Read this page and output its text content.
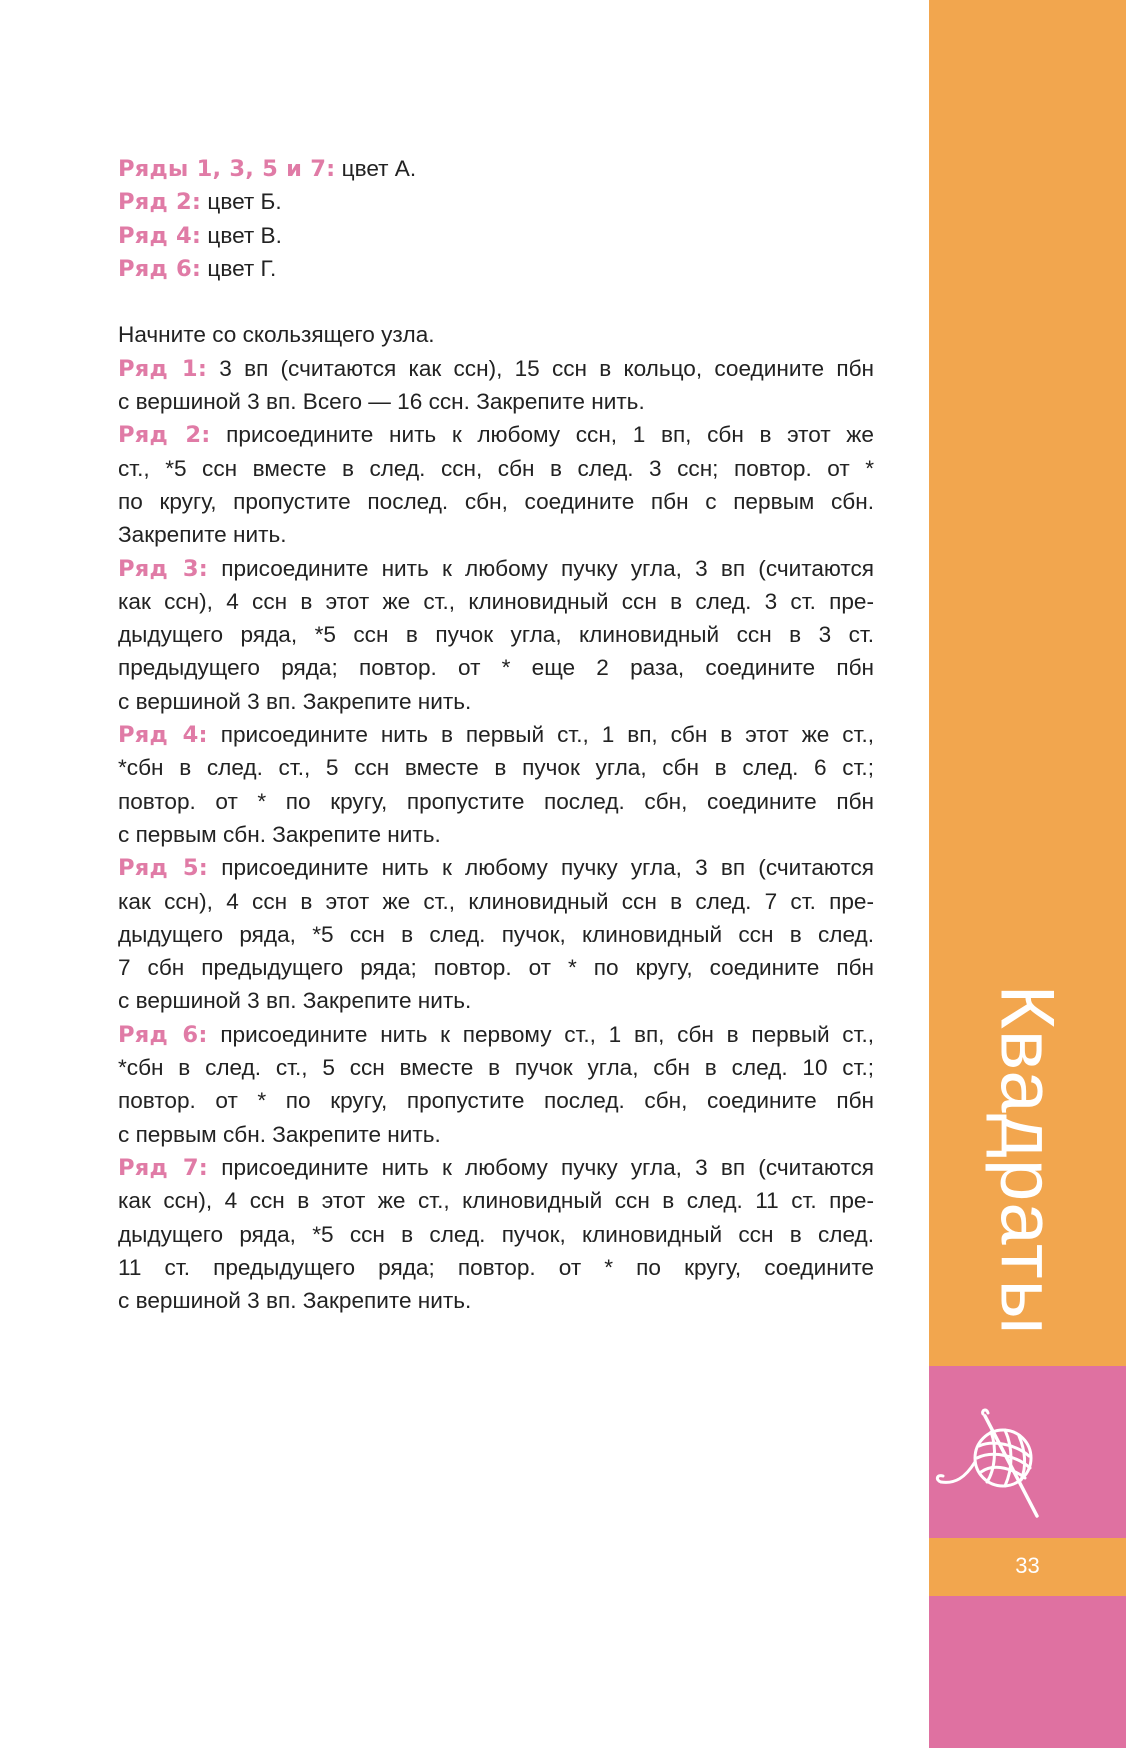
Квадраты
33
Ряды 1, 3, 5 и 7: цвет А.
Ряд 2: цвет Б.
Ряд 4: цвет В.
Ряд 6: цвет Г.
Начните со скользящего узла.
Ряд 1: 3 вп (считаются как ссн), 15 ссн в кольцо, соедините пбн
с вершиной 3 вп. Всего — 16 ссн. Закрепите нить.
Ряд 2: присоедините нить к любому ссн, 1 вп, сбн в этот же
ст., *5 ссн вместе в след. ссн, сбн в след. 3 ссн; повтор. от *
по кругу, пропустите послед. сбн, соедините пбн с первым сбн.
Закрепите нить.
Ряд 3: присоедините нить к любому пучку угла, 3 вп (считаются
как ссн), 4 ссн в этот же ст., клиновидный ссн в след. 3 ст. пре-
дыдущего ряда, *5 ссн в пучок угла, клиновидный ссн в 3 ст.
предыдущего ряда; повтор. от * еще 2 раза, соедините пбн
с вершиной 3 вп. Закрепите нить.
Ряд 4: присоедините нить в первый ст., 1 вп, сбн в этот же ст.,
*сбн в след. ст., 5 ссн вместе в пучок угла, сбн в след. 6 ст.;
повтор. от * по кругу, пропустите послед. сбн, соедините пбн
с первым сбн. Закрепите нить.
Ряд 5: присоедините нить к любому пучку угла, 3 вп (считаются
как ссн), 4 ссн в этот же ст., клиновидный ссн в след. 7 ст. пре-
дыдущего ряда, *5 ссн в след. пучок, клиновидный ссн в след.
7 сбн предыдущего ряда; повтор. от * по кругу, соедините пбн
с вершиной 3 вп. Закрепите нить.
Ряд 6: присоедините нить к первому ст., 1 вп, сбн в первый ст.,
*сбн в след. ст., 5 ссн вместе в пучок угла, сбн в след. 10 ст.;
повтор. от * по кругу, пропустите послед. сбн, соедините пбн
с первым сбн. Закрепите нить.
Ряд 7: присоедините нить к любому пучку угла, 3 вп (считаются
как ссн), 4 ссн в этот же ст., клиновидный ссн в след. 11 ст. пре-
дыдущего ряда, *5 ссн в след. пучок, клиновидный ссн в след.
11 ст. предыдущего ряда; повтор. от * по кругу, соедините
с вершиной 3 вп. Закрепите нить.
